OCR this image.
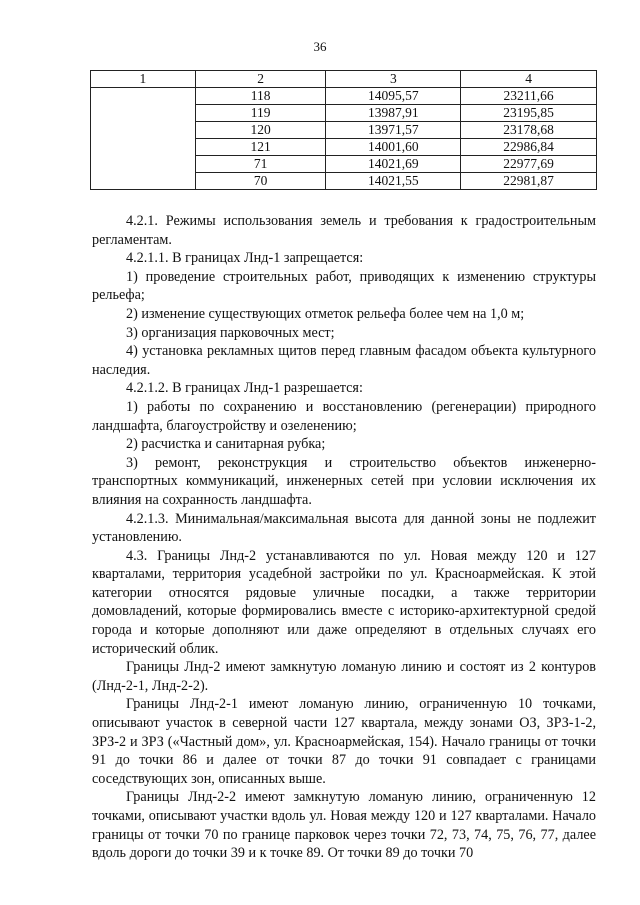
36
1	2	3	4
	118	14095,57	23211,66
	119	13987,91	23195,85
	120	13971,57	23178,68
	121	14001,60	22986,84
	71	14021,69	22977,69
	70	14021,55	22981,87

4.2.1. Режимы использования земель и требования к градостроительным регламентам.

4.2.1.1. В границах Лнд-1 запрещается:

1) проведение строительных работ, приводящих к изменению структуры рельефа;

2) изменение существующих отметок рельефа более чем на 1,0 м;

3) организация парковочных мест;

4) установка рекламных щитов перед главным фасадом объекта культурного наследия.

4.2.1.2. В границах Лнд-1 разрешается:

1) работы по сохранению и восстановлению (регенерации) природного ландшафта, благоустройству и озеленению;

2) расчистка и санитарная рубка;

3) ремонт, реконструкция и строительство объектов инженерно-транспортных коммуникаций, инженерных сетей при условии исключения их влияния на сохранность ландшафта.

4.2.1.3. Минимальная/максимальная высота для данной зоны не подлежит установлению.

4.3. Границы Лнд-2 устанавливаются по ул. Новая между 120 и 127 кварталами, территория усадебной застройки по ул. Красноармейская. К этой категории относятся рядовые уличные посадки, а также территории домовладений, которые формировались вместе с историко-архитектурной средой города и которые дополняют или даже определяют в отдельных случаях его исторический облик.

Границы Лнд-2 имеют замкнутую ломаную линию и состоят из 2 контуров (Лнд-2-1, Лнд-2-2).

Границы Лнд-2-1 имеют ломаную линию, ограниченную 10 точками, описывают участок в северной части 127 квартала, между зонами ОЗ, ЗРЗ-1-2, ЗРЗ-2 и ЗРЗ («Частный дом», ул. Красноармейская, 154). Начало границы от точки 91 до точки 86 и далее от точки 87 до точки 91 совпадает с границами соседствующих зон, описанных выше.

Границы Лнд-2-2 имеют замкнутую ломаную линию, ограниченную 12 точками, описывают участки вдоль ул. Новая между 120 и 127 кварталами. Начало границы от точки 70 по границе парковок через точки 72, 73, 74, 75, 76, 77, далее вдоль дороги до точки 39 и к точке 89. От точки 89 до точки 70
